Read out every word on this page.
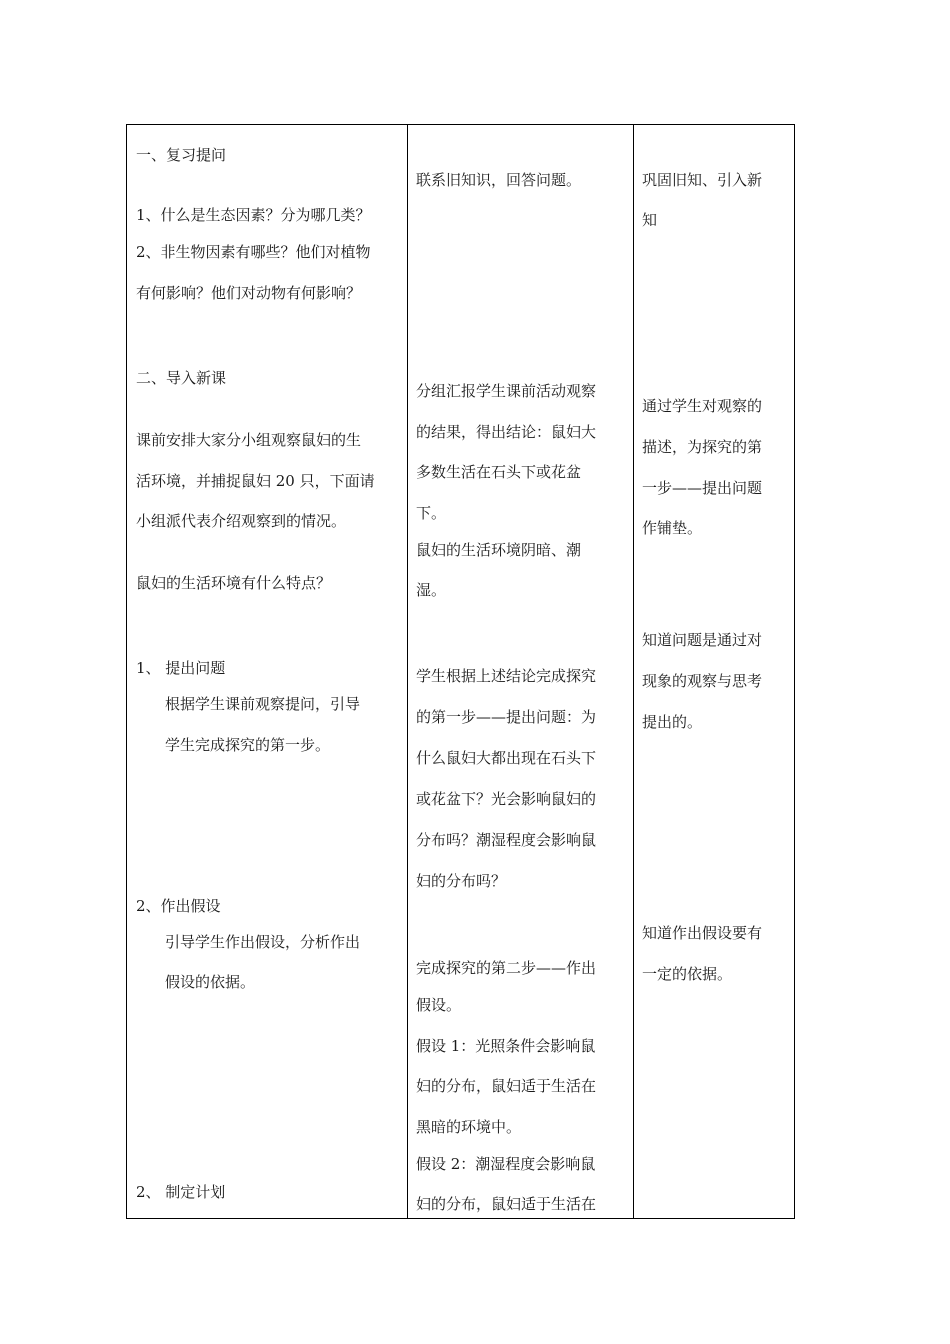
一、复习提问
1、什么是生态因素？分为哪几类？
2、非生物因素有哪些？他们对植物
有何影响？他们对动物有何影响？
二、导入新课
课前安排大家分小组观察鼠妇的生
活环境，并捕捉鼠妇 20 只，下面请
小组派代表介绍观察到的情况。
鼠妇的生活环境有什么特点？
1、 提出问题
根据学生课前观察提问，引导
学生完成探究的第一步。
2、作出假设
引导学生作出假设，分析作出
假设的依据。
2、 制定计划
联系旧知识，回答问题。
分组汇报学生课前活动观察
的结果，得出结论：鼠妇大
多数生活在石头下或花盆
下。
鼠妇的生活环境阴暗、潮
湿。
学生根据上述结论完成探究
的第一步——提出问题：为
什么鼠妇大都出现在石头下
或花盆下？光会影响鼠妇的
分布吗？潮湿程度会影响鼠
妇的分布吗？
完成探究的第二步——作出
假设。
假设 1：光照条件会影响鼠
妇的分布，鼠妇适于生活在
黑暗的环境中。
假设 2：潮湿程度会影响鼠
妇的分布，鼠妇适于生活在
巩固旧知、引入新
知
通过学生对观察的
描述，为探究的第
一步——提出问题
作铺垫。
知道问题是通过对
现象的观察与思考
提出的。
知道作出假设要有
一定的依据。
